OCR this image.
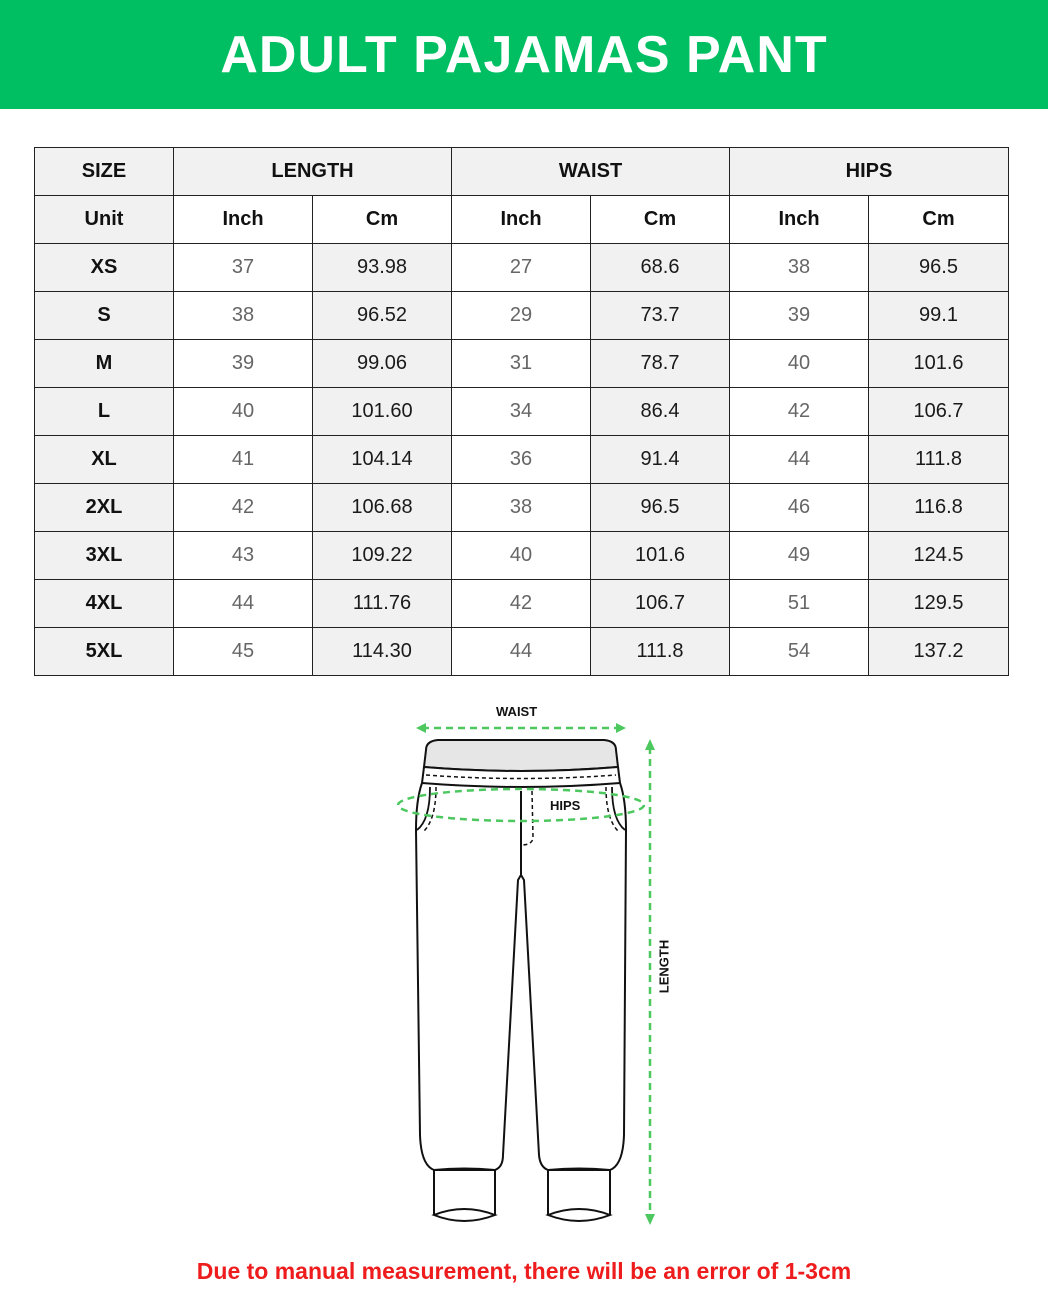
ADULT PAJAMAS PANT
SIZE	LENGTH		WAIST		HIPS	
Unit	Inch	Cm	Inch	Cm	Inch	Cm
XS	37	93.98	27	68.6	38	96.5
S	38	96.52	29	73.7	39	99.1
M	39	99.06	31	78.7	40	101.6
L	40	101.60	34	86.4	42	106.7
XL	41	104.14	36	91.4	44	111.8
2XL	42	106.68	38	96.5	46	116.8
3XL	43	109.22	40	101.6	49	124.5
4XL	44	111.76	42	106.7	51	129.5
5XL	45	114.30	44	111.8	54	137.2
WAIST
HIPS
LENGTH
Due to manual measurement, there will be an error of 1-3cm
